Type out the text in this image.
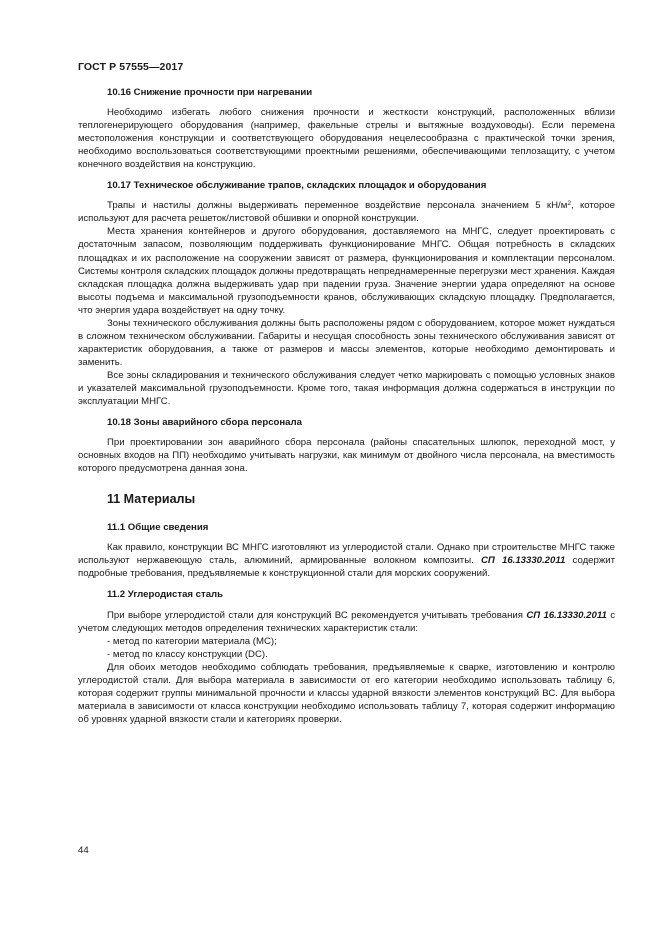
ГОСТ Р 57555—2017
10.16 Снижение прочности при нагревании

Необходимо избегать любого снижения прочности и жесткости конструкций, расположенных вблизи теплогенерирующего оборудования (например, факельные стрелы и вытяжные воздуховоды). Если перемена местоположения конструкции и соответствующего оборудования нецелесообразна с практической точки зрения, необходимо воспользоваться соответствующими проектными решениями, обеспечивающими теплозащиту, с учетом конечного воздействия на конструкцию.

10.17 Техническое обслуживание трапов, складских площадок и оборудования

Трапы и настилы должны выдерживать переменное воздействие персонала значением 5 $кН/м^2$, которое используют для расчета решеток/листовой обшивки и опорной конструкции.

Места хранения контейнеров и другого оборудования, доставляемого на МНГС, следует проектировать с достаточным запасом, позволяющим поддерживать функционирование МНГС. Общая потребность в складских площадках и их расположение на сооружении зависят от размера, функционирования и комплектации персоналом. Системы контроля складских площадок должны предотвращать непреднамеренные перегрузки мест хранения. Каждая складская площадка должна выдерживать удар при падении груза. Значение энергии удара определяют на основе высоты подъема и максимальной грузоподъемности кранов, обслуживающих складскую площадку. Предполагается, что энергия удара воздействует на одну точку.

Зоны технического обслуживания должны быть расположены рядом с оборудованием, которое может нуждаться в сложном техническом обслуживании. Габариты и несущая способность зоны технического обслуживания зависят от характеристик оборудования, а также от размеров и массы элементов, которые необходимо демонтировать и заменить.

Все зоны складирования и технического обслуживания следует четко маркировать с помощью условных знаков и указателей максимальной грузоподъемности. Кроме того, такая информация должна содержаться в инструкции по эксплуатации МНГС.

10.18 Зоны аварийного сбора персонала

При проектировании зон аварийного сбора персонала (районы спасательных шлюпок, переходной мост, у основных входов на ПП) необходимо учитывать нагрузки, как минимум от двойного числа персонала, на вместимость которого предусмотрена данная зона.

11 Материалы
11.1 Общие сведения

Как правило, конструкции ВС МНГС изготовляют из углеродистой стали. Однако при строительстве МНГС также используют нержавеющую сталь, алюминий, армированные волокном композиты. СП 16.13330.2011 содержит подробные требования, предъявляемые к конструкционной стали для морских сооружений.

11.2 Углеродистая сталь

При выборе углеродистой стали для конструкций ВС рекомендуется учитывать требования СП 16.13330.2011 с учетом следующих методов определения технических характеристик стали:

- метод по категории материала (МС);

- метод по классу конструкции (DC).

Для обоих методов необходимо соблюдать требования, предъявляемые к сварке, изготовлению и контролю углеродистой стали. Для выбора материала в зависимости от его категории необходимо использовать таблицу 6, которая содержит группы минимальной прочности и классы ударной вязкости элементов конструкций ВС. Для выбора материала в зависимости от класса конструкции необходимо использовать таблицу 7, которая содержит информацию об уровнях ударной вязкости стали и категориях проверки.

44
